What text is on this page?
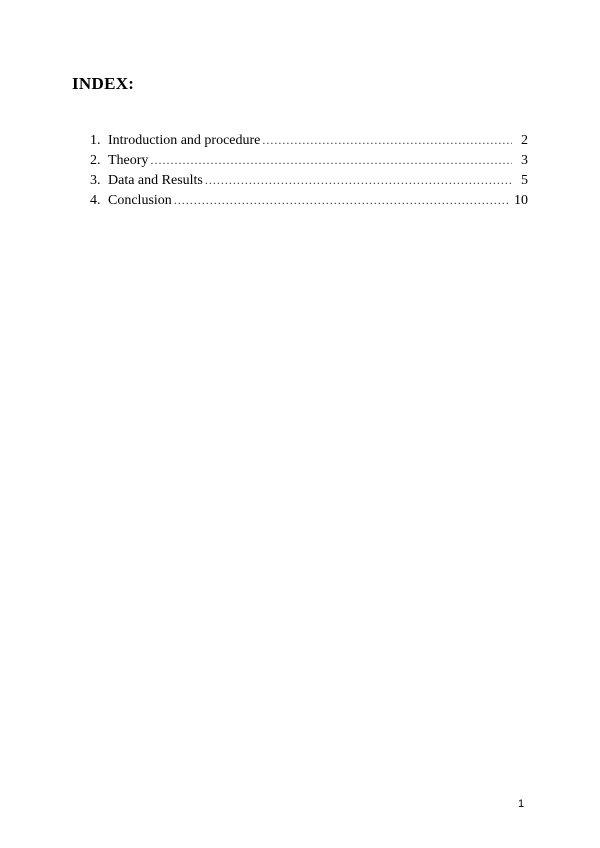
INDEX:
1. Introduction and procedure .....	2
2. Theory .....	3
3. Data and Results .....	5
4. Conclusion .....	10
1
